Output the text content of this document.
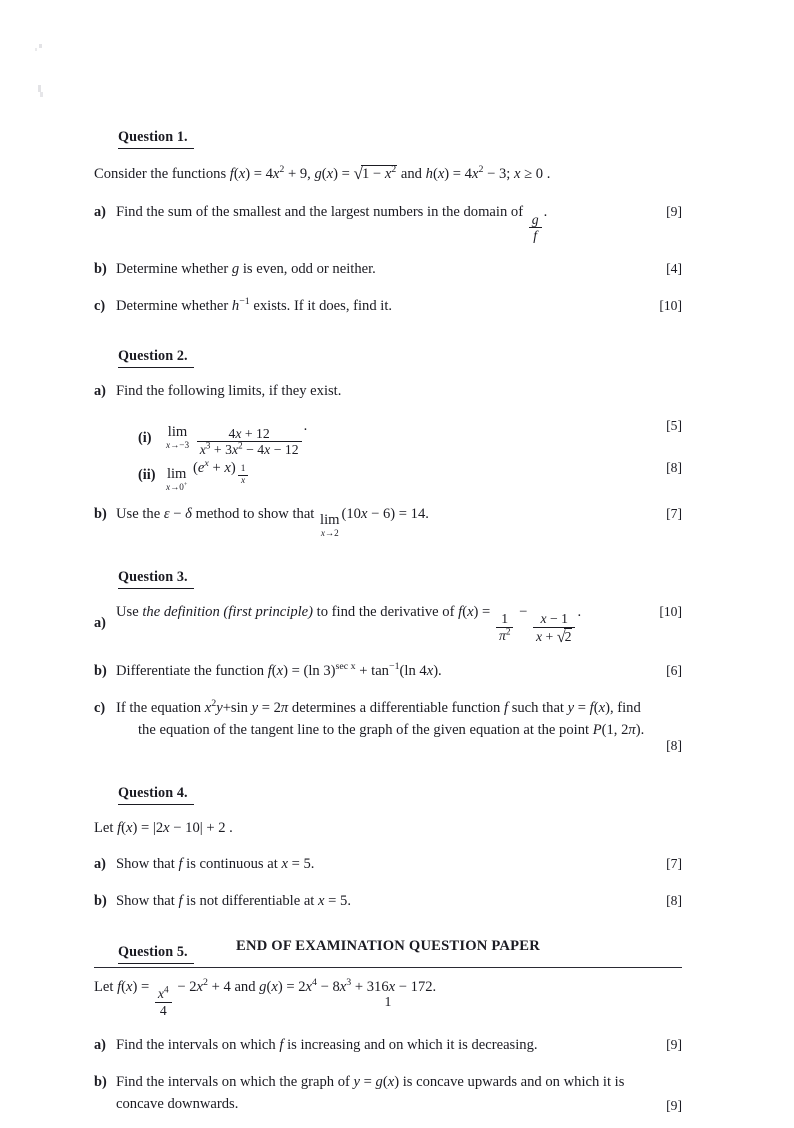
Question 1.
Consider the functions $f(x) = 4x^2 + 9$, $g(x) = √1 - x^2$ and $h(x) = 4x^2 - 3$; x ≥ 0 .
a) Find the sum of the smallest and the largest numbers in the domain of
$\frac{g}{f}$
.	[9]
b) Determine whether g is even, odd or neither.	[4]
c) Determine whether $h^{-1}$ exists. If it does, find it.	[10]
Question 2.
a) Find the following limits, if they exist.
(i)	lim
x→−3
$\frac{4x + 12}{x^3 + 3x^2 - 4x - 12}$
.	[5]
(ii) lim
x→0+
$(e^x + x)$ $^{\frac{1}{x}}$	[8]
b) Use the ε − δ method to show that lim
x→2
(10x − 6) = 14.	[7]
Question 3.
a)
Use the definition (first principle) to find the derivative of f(x) =
$\frac{1}{\pi^2}$
−
$\frac{x - 1}{x + √2}$
.	[10]
b) Differentiate the function f(x) = (ln $3)^{sec x} + \tan^{-1}(\ln$ 4x).	[6]
c) If the equation $x^2y+\sin$ y = 2π determines a differentiable function f such that y = f(x), find
the equation of the tangent line to the graph of the given equation at the point P(1, 2π).
[8]
Question 4.
Let f(x) = |2x − 10| + 2 .
a) Show that f is continuous at x = 5.	[7]
b) Show that f is not differentiable at x = 5.	[8]
Question 5.
Let f(x) =
$\frac{x^4}{4}$
− $2x^2 + 4$ and $g(x) = 2x^4 - 8x^3 + 316x - 172$.
a) Find the intervals on which f is increasing and on which it is decreasing.	[9]
b) Find the intervals on which the graph of y = g(x) is concave upwards and on which it is
concave downwards.	[9]
END OF EXAMINATION QUESTION PAPER
1
